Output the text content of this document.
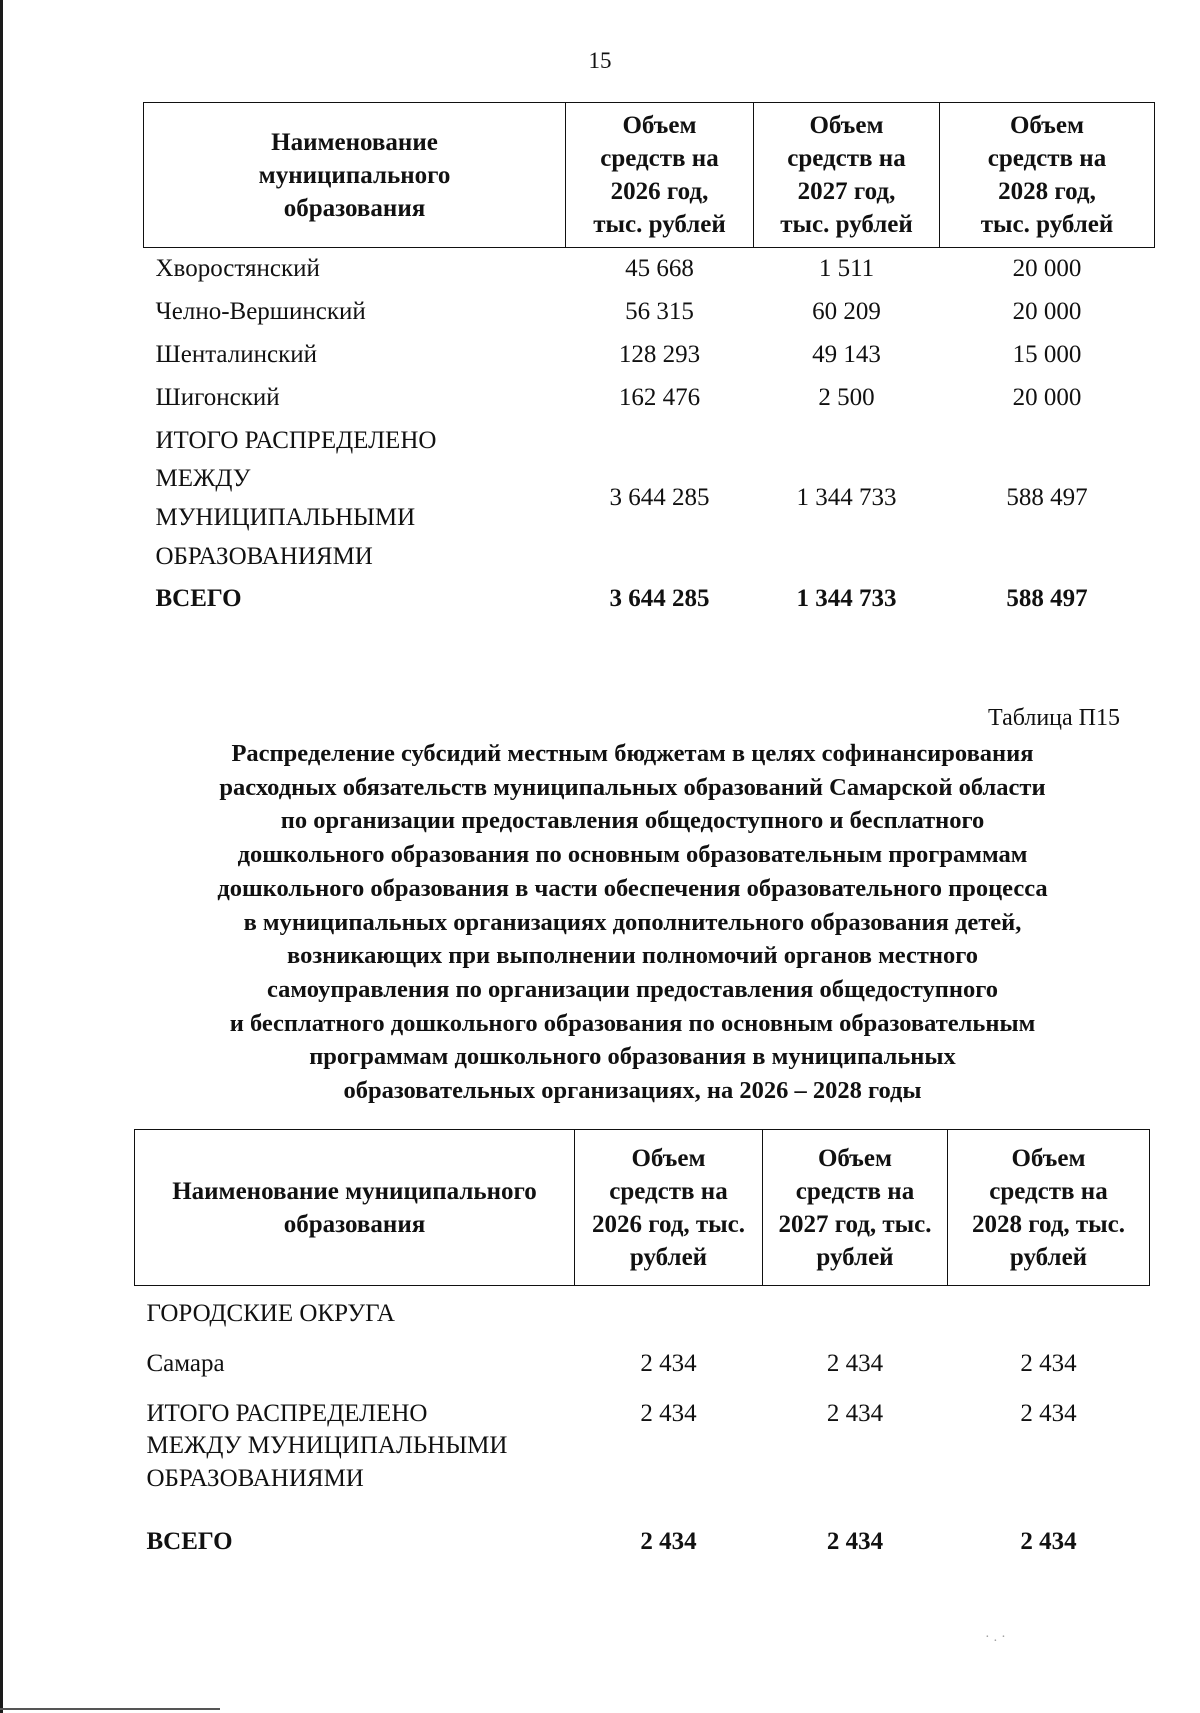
15
Наименование муниципального образования	Объем средств на 2026 год, тыс. рублей	Объем средств на 2027 год, тыс. рублей	Объем средств на 2028 год, тыс. рублей

Хворостянский	45 668	1 511	20 000
Челно-Вершинский	56 315	60 209	20 000
Шенталинский	128 293	49 143	15 000
Шигонский	162 476	2 500	20 000

ИТОГО РАСПРЕДЕЛЕНО
МЕЖДУ
МУНИЦИПАЛЬНЫМИ
ОБРАЗОВАНИЯМИ	3 644 285	1 344 733	588 497
ВСЕГО	3 644 285	1 344 733	588 497
Таблица П15
Распределение субсидий местным бюджетам в целях софинансирования
расходных обязательств муниципальных образований Самарской области
по организации предоставления общедоступного и бесплатного
дошкольного образования по основным образовательным программам
дошкольного образования в части обеспечения образовательного процесса
в муниципальных организациях дополнительного образования детей,
возникающих при выполнении полномочий органов местного
самоуправления по организации предоставления общедоступного
и бесплатного дошкольного образования по основным образовательным
программам дошкольного образования в муниципальных
образовательных организациях, на 2026 – 2028 годы
Наименование муниципального образования	Объем средств на 2026 год, тыс. рублей	Объем средств на 2027 год, тыс. рублей	Объем средств на 2028 год, тыс. рублей

ГОРОДСКИЕ ОКРУГА			
Самара	2 434	2 434	2 434

ИТОГО РАСПРЕДЕЛЕНО
МЕЖДУ МУНИЦИПАЛЬНЫМИ
ОБРАЗОВАНИЯМИ	2 434	2 434	2 434
ВСЕГО	2 434	2 434	2 434
·.·
